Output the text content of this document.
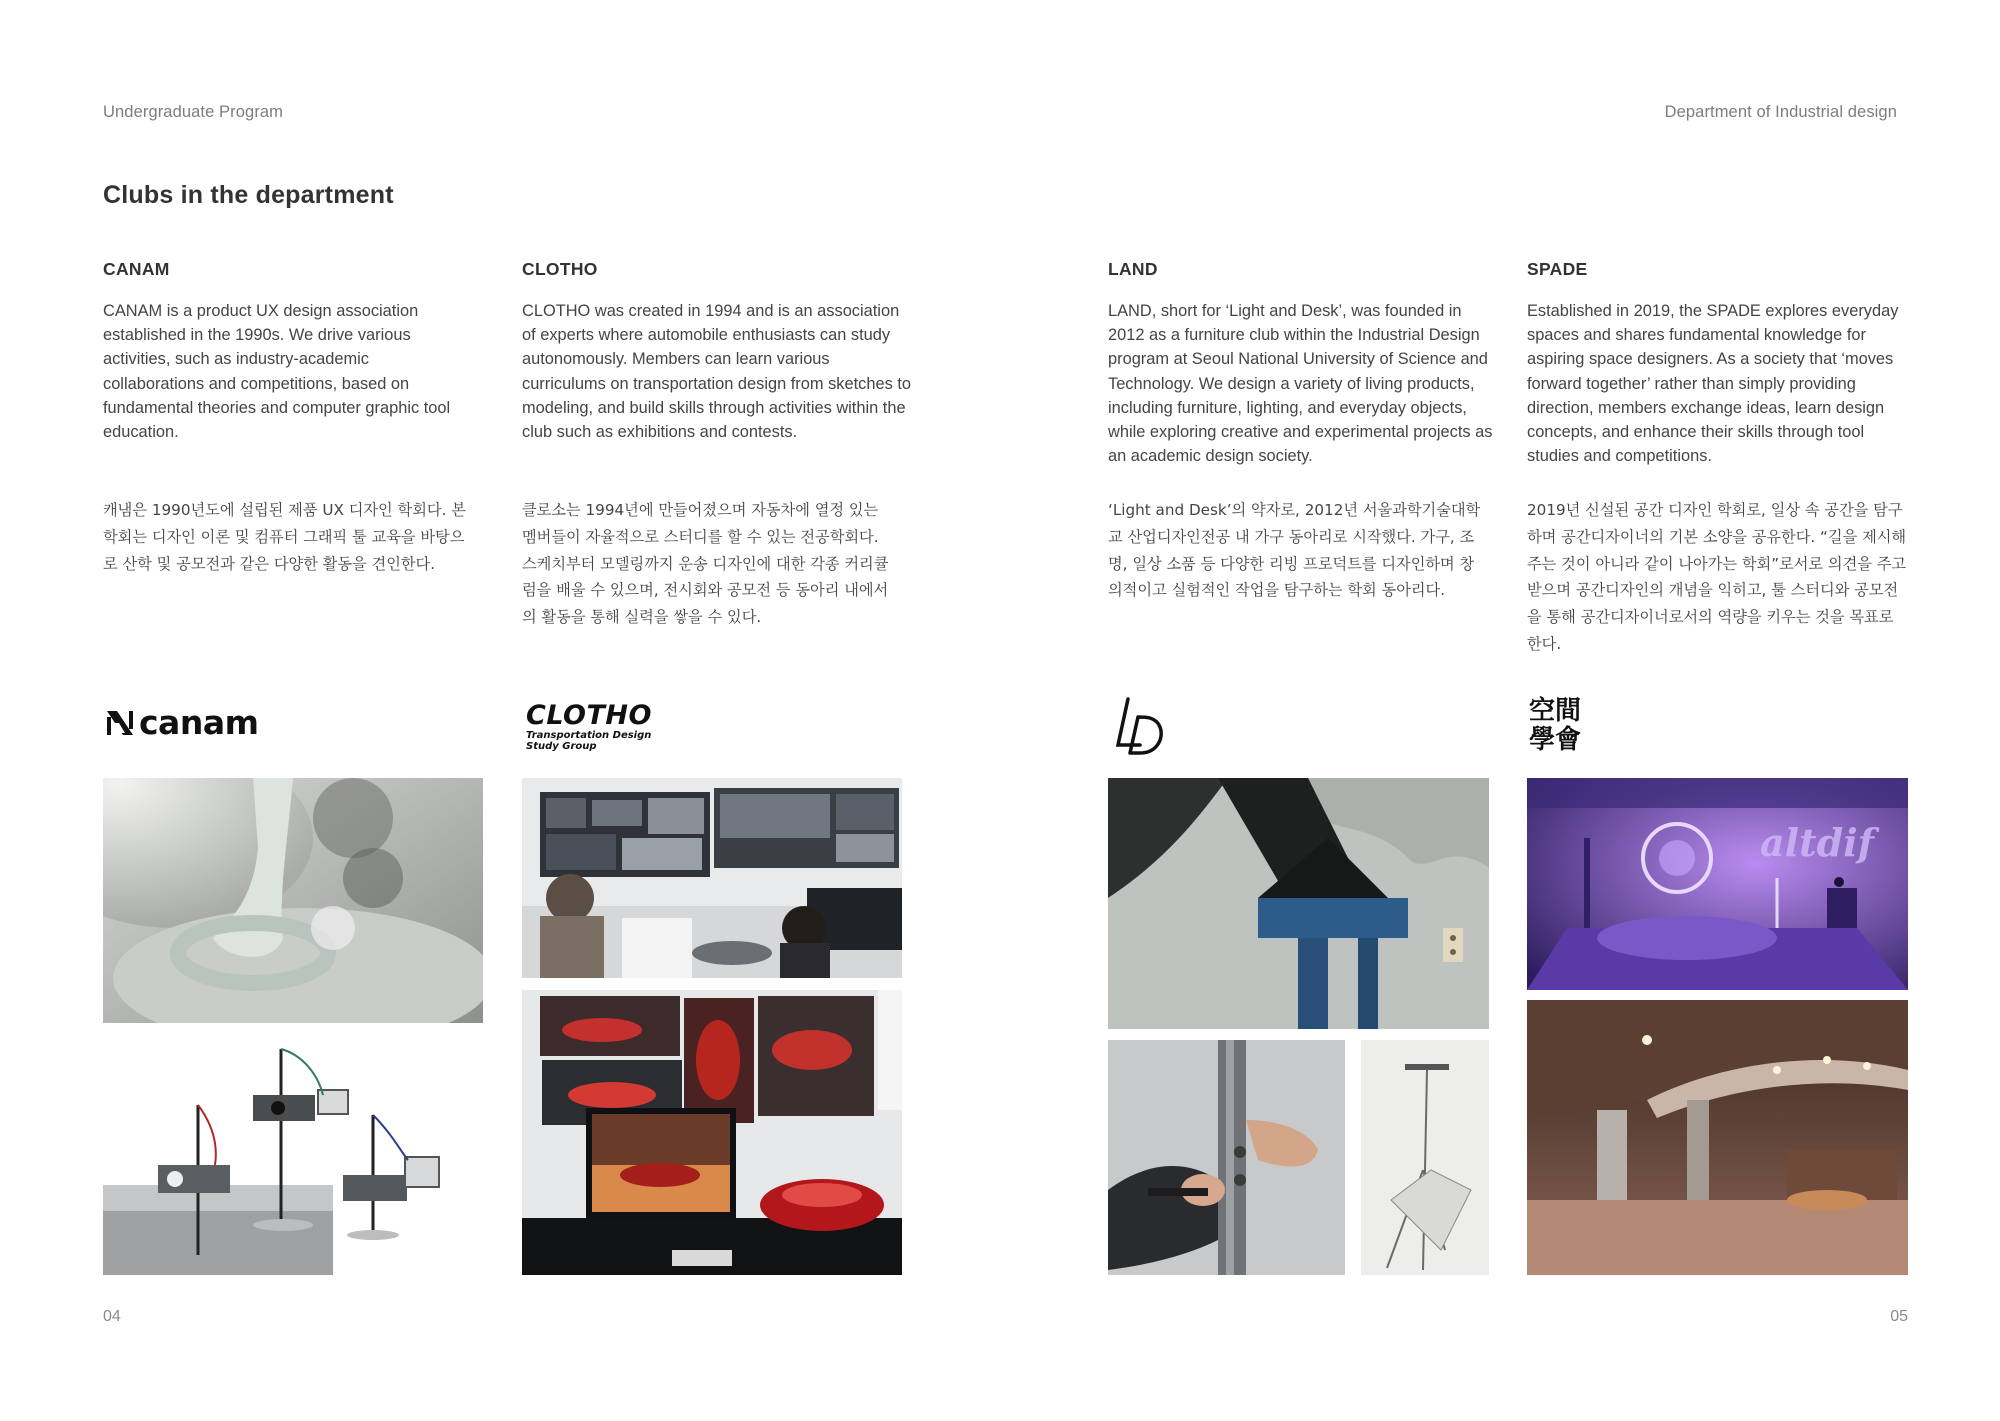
Undergraduate Program	Department of Industrial design
Clubs in the department
CANAM	CLOTHO	LAND	SPADE
CANAM is a product UX design association established in the 1990s. We drive various activities, such as industry-academic collaborations and competitions, based on fundamental theories and computer graphic tool education.
CLOTHO was created in 1994 and is an association of experts where automobile enthusiasts can study autonomously. Members can learn various curriculums on transportation design from sketches to modeling, and build skills through activities within the club such as exhibitions and contests.
LAND, short for ‘Light and Desk’, was founded in 2012 as a furniture club within the Industrial Design program at Seoul National University of Science and Technology. We design a variety of living products, including furniture, lighting, and everyday objects, while exploring creative and experimental projects as an academic design society.
Established in 2019, the SPADE explores everyday spaces and shares fundamental knowledge for aspiring space designers. As a society that ‘moves forward together’ rather than simply providing direction, members exchange ideas, learn design concepts, and enhance their skills through tool studies and competitions.
캐냄은 1990년도에 설립된 제품 UX 디자인 학회다. 본 학회는 디자인 이론 및 컴퓨터 그래픽 툴 교육을 바탕으로 산학 및 공모전과 같은 다양한 활동을 견인한다.
클로소는 1994년에 만들어졌으며 자동차에 열정 있는 멤버들이 자율적으로 스터디를 할 수 있는 전공학회다. 스케치부터 모델링까지 운송 디자인에 대한 각종 커리큘럼을 배울 수 있으며, 전시회와 공모전 등 동아리 내에서의 활동을 통해 실력을 쌓을 수 있다.
‘Light and Desk’의 약자로, 2012년 서울과학기술대학교 산업디자인전공 내 가구 동아리로 시작했다. 가구, 조명, 일상 소품 등 다양한 리빙 프로덕트를 디자인하며 창의적이고 실험적인 작업을 탐구하는 학회 동아리다.
2019년 신설된 공간 디자인 학회로, 일상 속 공간을 탐구하며 공간디자이너의 기본 소양을 공유한다. “길을 제시해 주는 것이 아니라 같이 나아가는 학회”로서로 의견을 주고 받으며 공간디자인의 개념을 익히고, 툴 스터디와 공모전을 통해 공간디자이너로서의 역량을 키우는 것을 목표로 한다.
canam	CLOTHO
Transportation Design
Study Group
空間
學會
altdif
04	05
